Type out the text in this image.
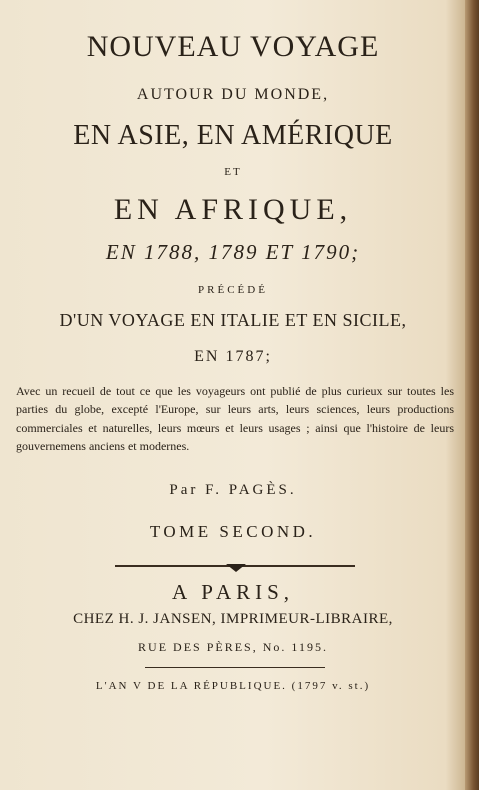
NOUVEAU VOYAGE
AUTOUR DU MONDE,
EN ASIE, EN AMÉRIQUE
ET
EN AFRIQUE,
EN 1788, 1789 ET 1790;
PRÉCÉDÉ
D'UN VOYAGE EN ITALIE ET EN SICILE,
EN 1787;
Avec un recueil de tout ce que les voyageurs ont publié de plus curieux sur toutes les parties du globe, excepté l'Europe, sur leurs arts, leurs sciences, leurs productions commerciales et naturelles, leurs mœurs et leurs usages ; ainsi que l'histoire de leurs gouvernemens anciens et modernes.
Par F. PAGÈS.
TOME SECOND.
A PARIS,
CHEZ H. J. JANSEN, IMPRIMEUR-LIBRAIRE,
RUE DES PÈRES, No. 1195.
L'AN V DE LA RÉPUBLIQUE. (1797 v. st.)
